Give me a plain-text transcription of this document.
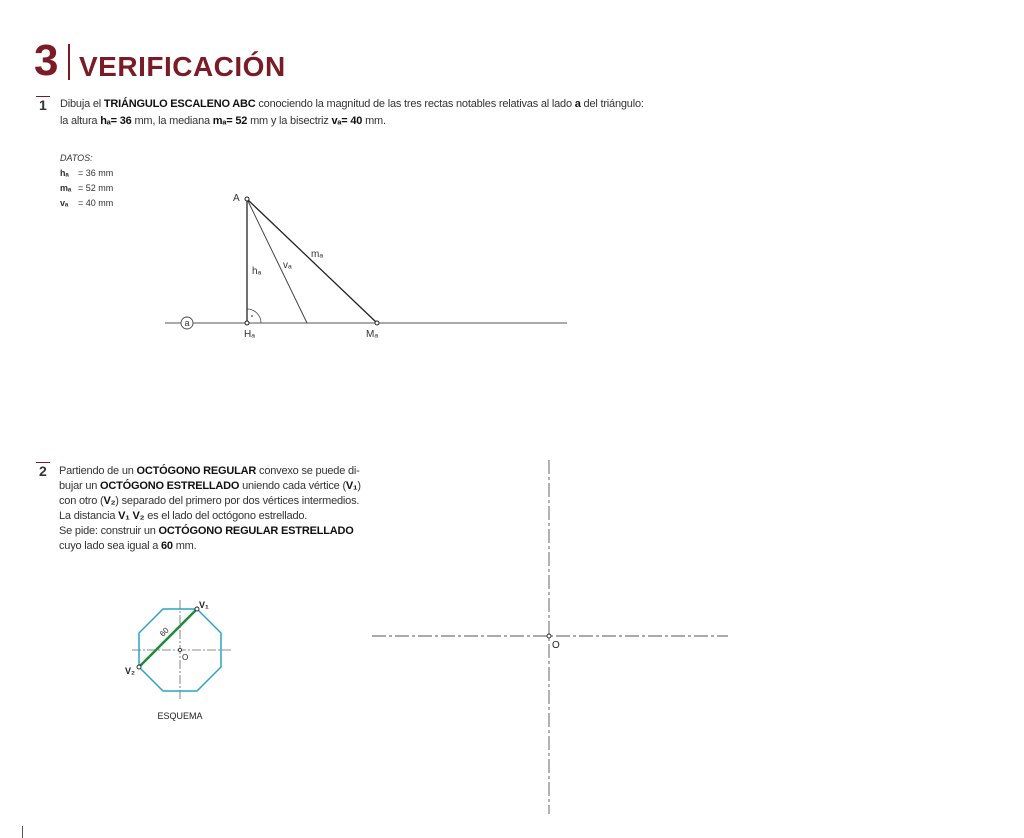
3 VERIFICACIÓN
1 Dibuja el TRIÁNGULO ESCALENO ABC conociendo la magnitud de las tres rectas notables relativas al lado a del triángulo:
la altura hₐ= 36 mm, la mediana mₐ= 52 mm y la bisectriz vₐ= 40 mm.
DATOS:
hₐ = 36 mm
mₐ = 52 mm
vₐ = 40 mm
a
A
hₐ
vₐ
mₐ
Hₐ	Mₐ
2 Partiendo de un OCTÓGONO REGULAR convexo se puede di-
bujar un OCTÓGONO ESTRELLADO uniendo cada vértice (V₁)
con otro (V₂) separado del primero por dos vértices intermedios.
La distancia V₁ V₂ es el lado del octógono estrellado.
Se pide: construir un OCTÓGONO REGULAR ESTRELLADO
cuyo lado sea igual a 60 mm.
V₁
V₂
O
60
ESQUEMA
O
